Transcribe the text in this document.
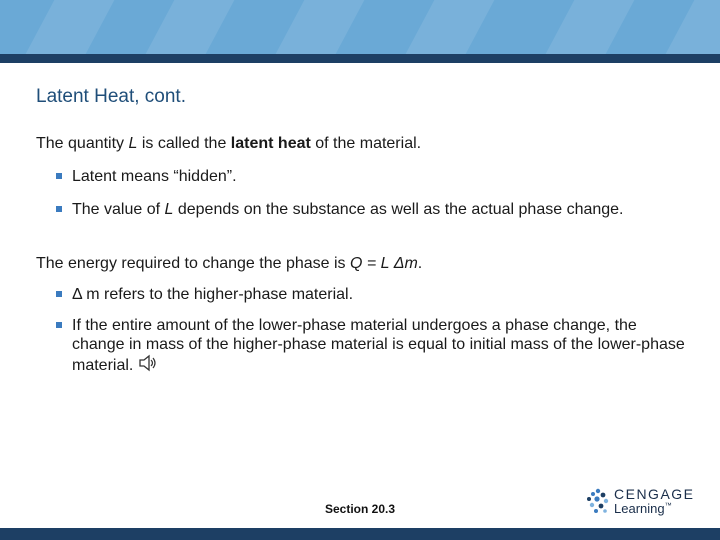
Latent Heat, cont.
The quantity L is called the latent heat of the material.
Latent means “hidden”.
The value of L depends on the substance as well as the actual phase change.
The energy required to change the phase is Q = L Δm.
Δ m refers to the higher-phase material.
If the entire amount of the lower-phase material undergoes a phase change, the change in mass of the higher-phase material is equal to initial mass of the lower-phase material.
Section 20.3
CENGAGE
Learning™
